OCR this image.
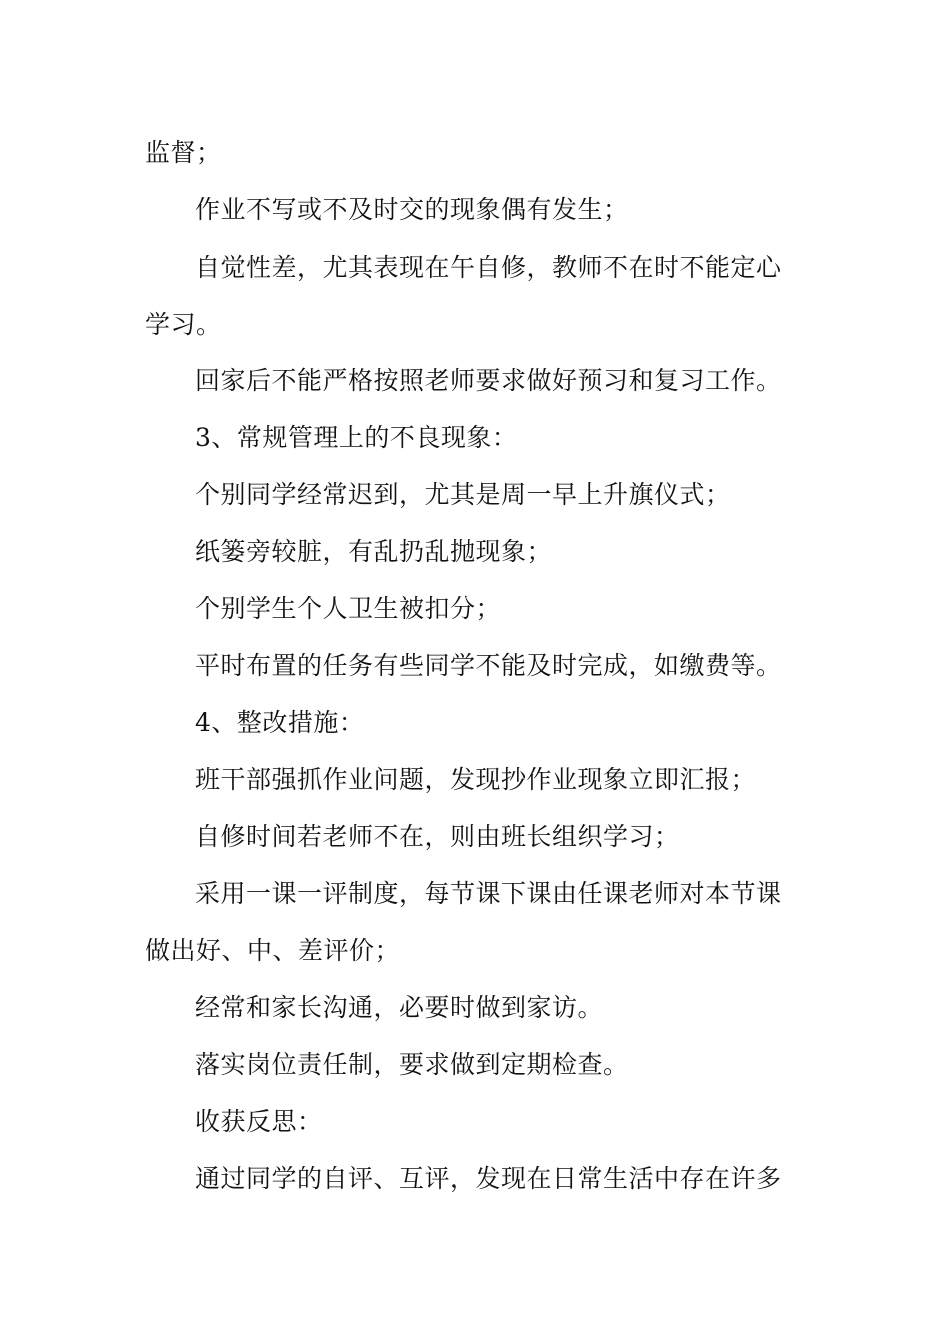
监督；
作业不写或不及时交的现象偶有发生；
自觉性差，尤其表现在午自修，教师不在时不能定心
学习。
回家后不能严格按照老师要求做好预习和复习工作。
3、常规管理上的不良现象：
个别同学经常迟到，尤其是周一早上升旗仪式；
纸篓旁较脏，有乱扔乱抛现象；
个别学生个人卫生被扣分；
平时布置的任务有些同学不能及时完成，如缴费等。
4、整改措施：
班干部强抓作业问题，发现抄作业现象立即汇报；
自修时间若老师不在，则由班长组织学习；
采用一课一评制度，每节课下课由任课老师对本节课
做出好、中、差评价；
经常和家长沟通，必要时做到家访。
落实岗位责任制，要求做到定期检查。
收获反思：
通过同学的自评、互评，发现在日常生活中存在许多
